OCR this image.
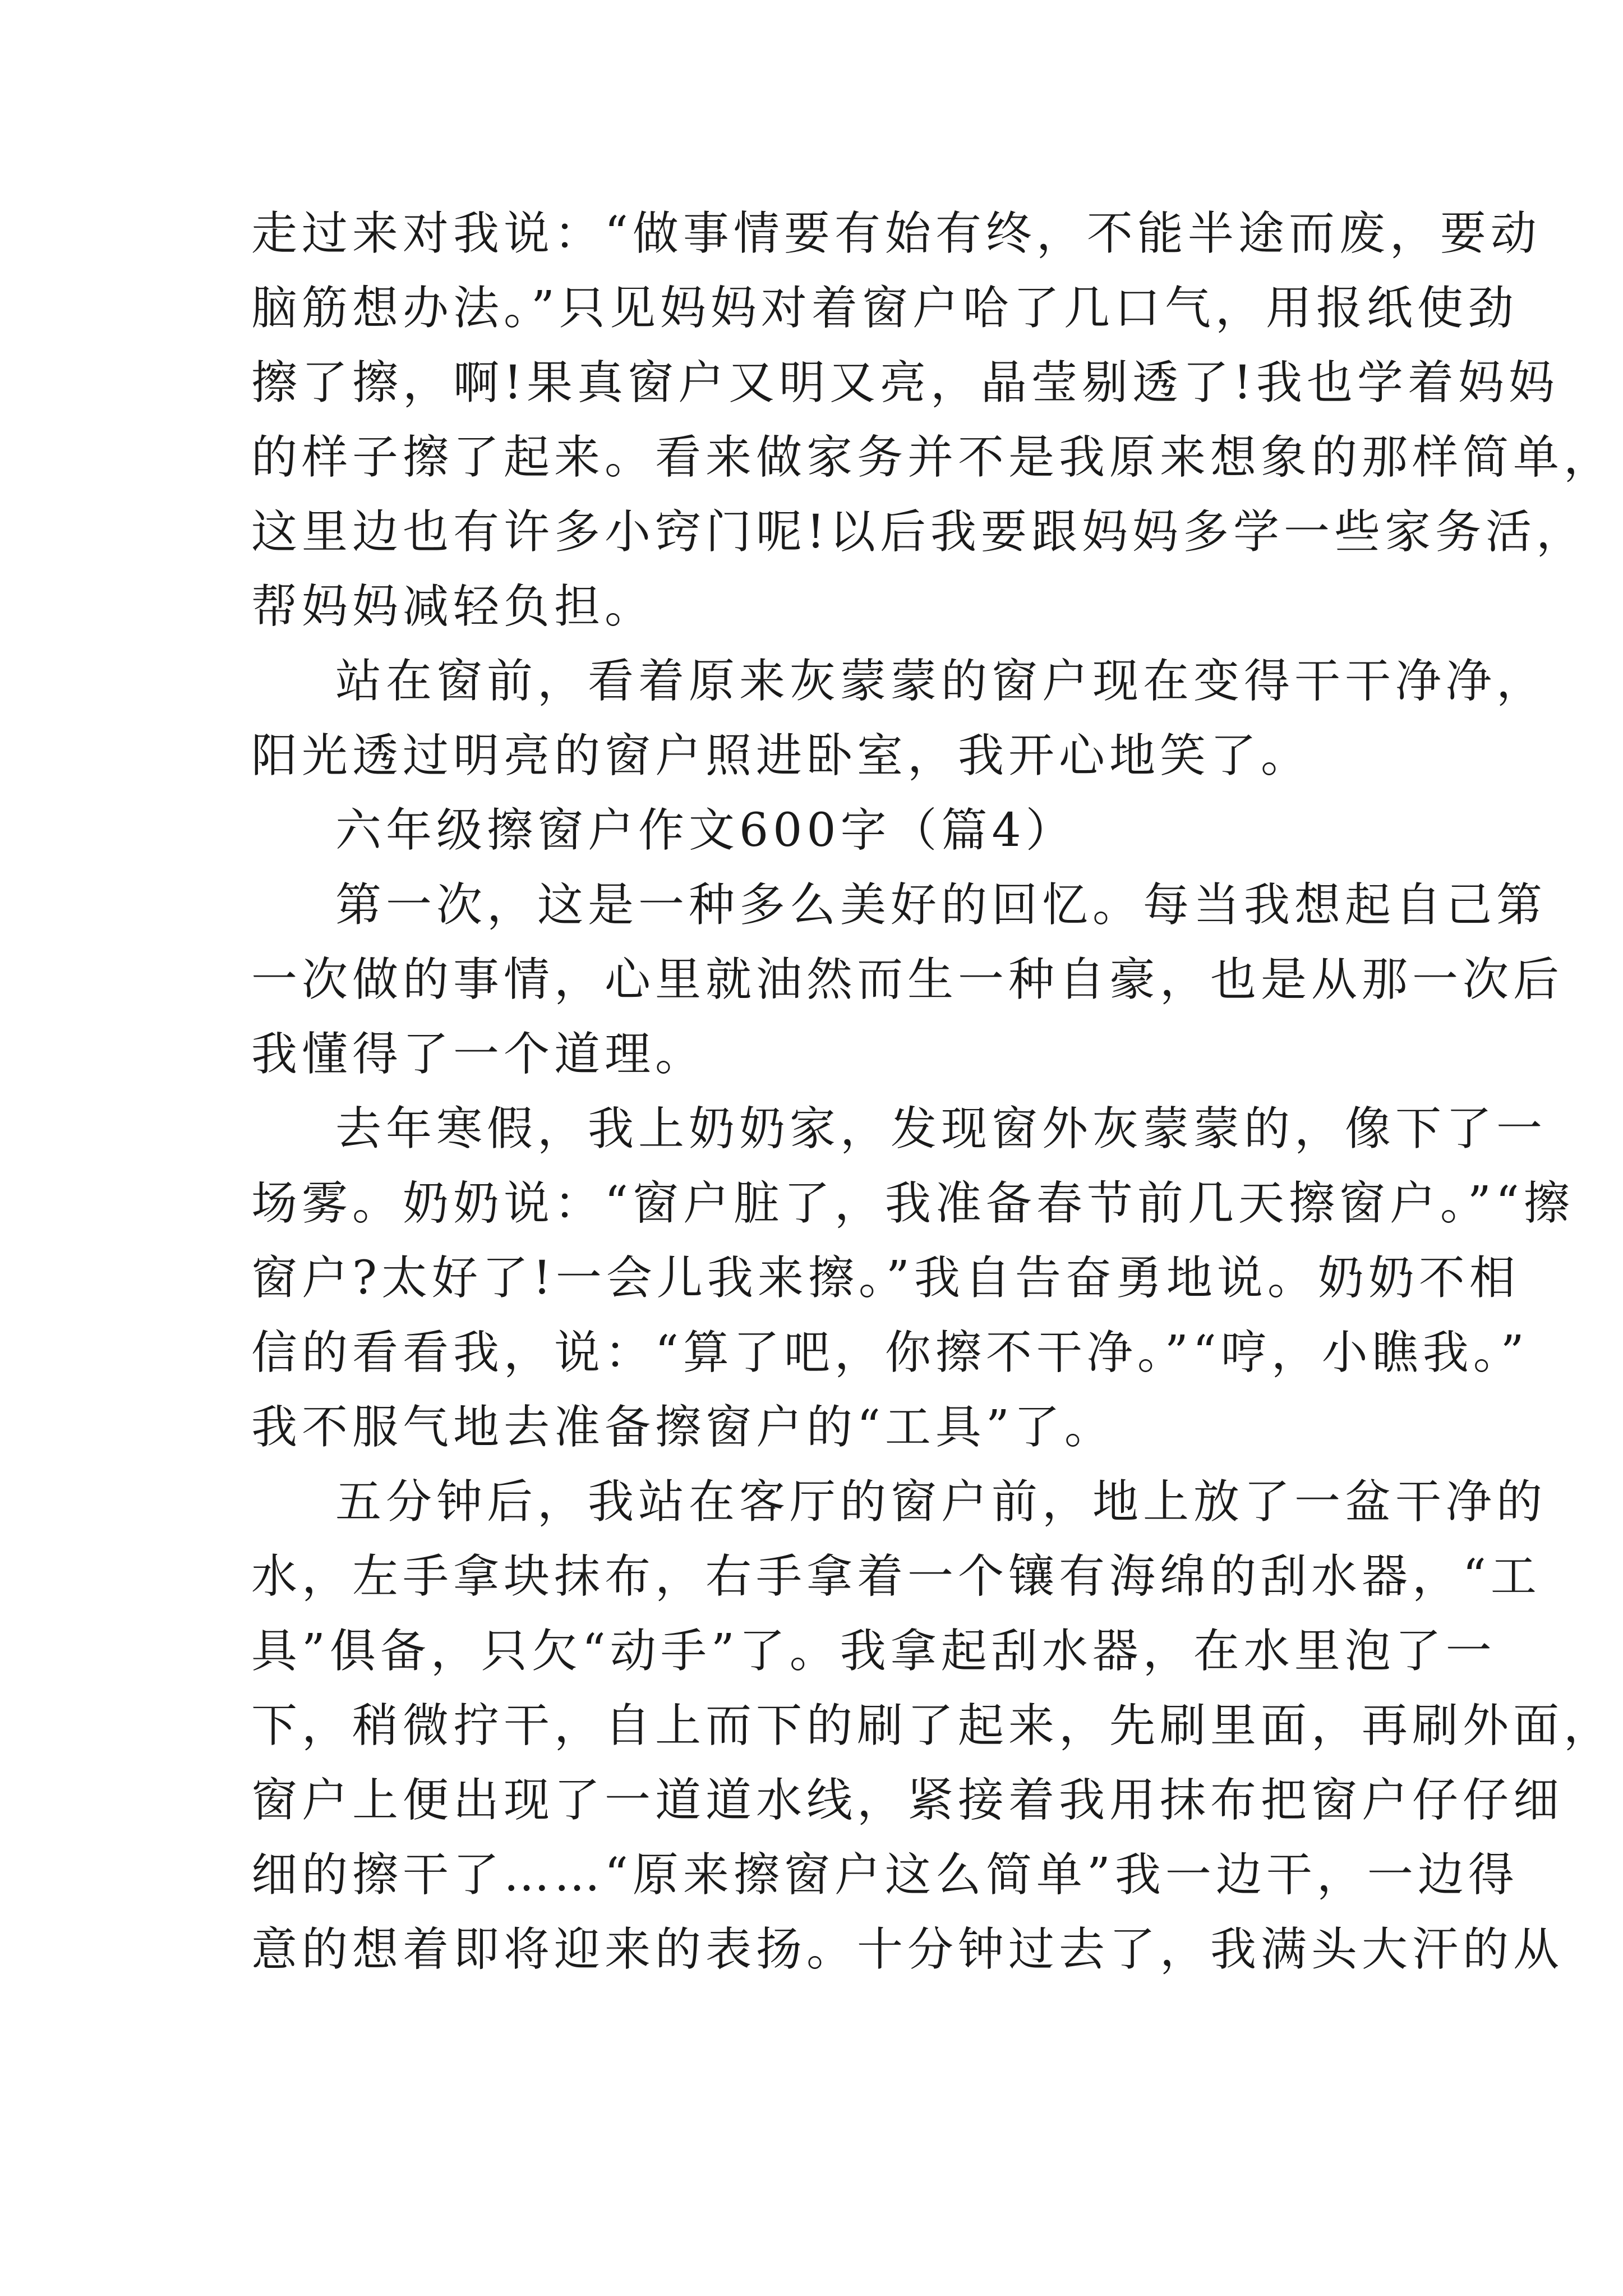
走过来对我说：“做事情要有始有终，不能半途而废，要动
脑筋想办法。”只见妈妈对着窗户哈了几口气，用报纸使劲
擦了擦，啊!果真窗户又明又亮，晶莹剔透了!我也学着妈妈
的样子擦了起来。看来做家务并不是我原来想象的那样简单，
这里边也有许多小窍门呢!以后我要跟妈妈多学一些家务活，
帮妈妈减轻负担。
站在窗前，看着原来灰蒙蒙的窗户现在变得干干净净，
阳光透过明亮的窗户照进卧室，我开心地笑了。
六年级擦窗户作文600字（篇4）
第一次，这是一种多么美好的回忆。每当我想起自己第
一次做的事情，心里就油然而生一种自豪，也是从那一次后
我懂得了一个道理。
去年寒假，我上奶奶家，发现窗外灰蒙蒙的，像下了一
场雾。奶奶说：“窗户脏了，我准备春节前几天擦窗户。”“擦
窗户?太好了!一会儿我来擦。”我自告奋勇地说。奶奶不相
信的看看我，说：“算了吧，你擦不干净。”“哼，小瞧我。”
我不服气地去准备擦窗户的“工具”了。
五分钟后，我站在客厅的窗户前，地上放了一盆干净的
水，左手拿块抹布，右手拿着一个镶有海绵的刮水器，“工
具”俱备，只欠“动手”了。我拿起刮水器，在水里泡了一
下，稍微拧干，自上而下的刷了起来，先刷里面，再刷外面，
窗户上便出现了一道道水线，紧接着我用抹布把窗户仔仔细
细的擦干了……“原来擦窗户这么简单”我一边干，一边得
意的想着即将迎来的表扬。十分钟过去了，我满头大汗的从
